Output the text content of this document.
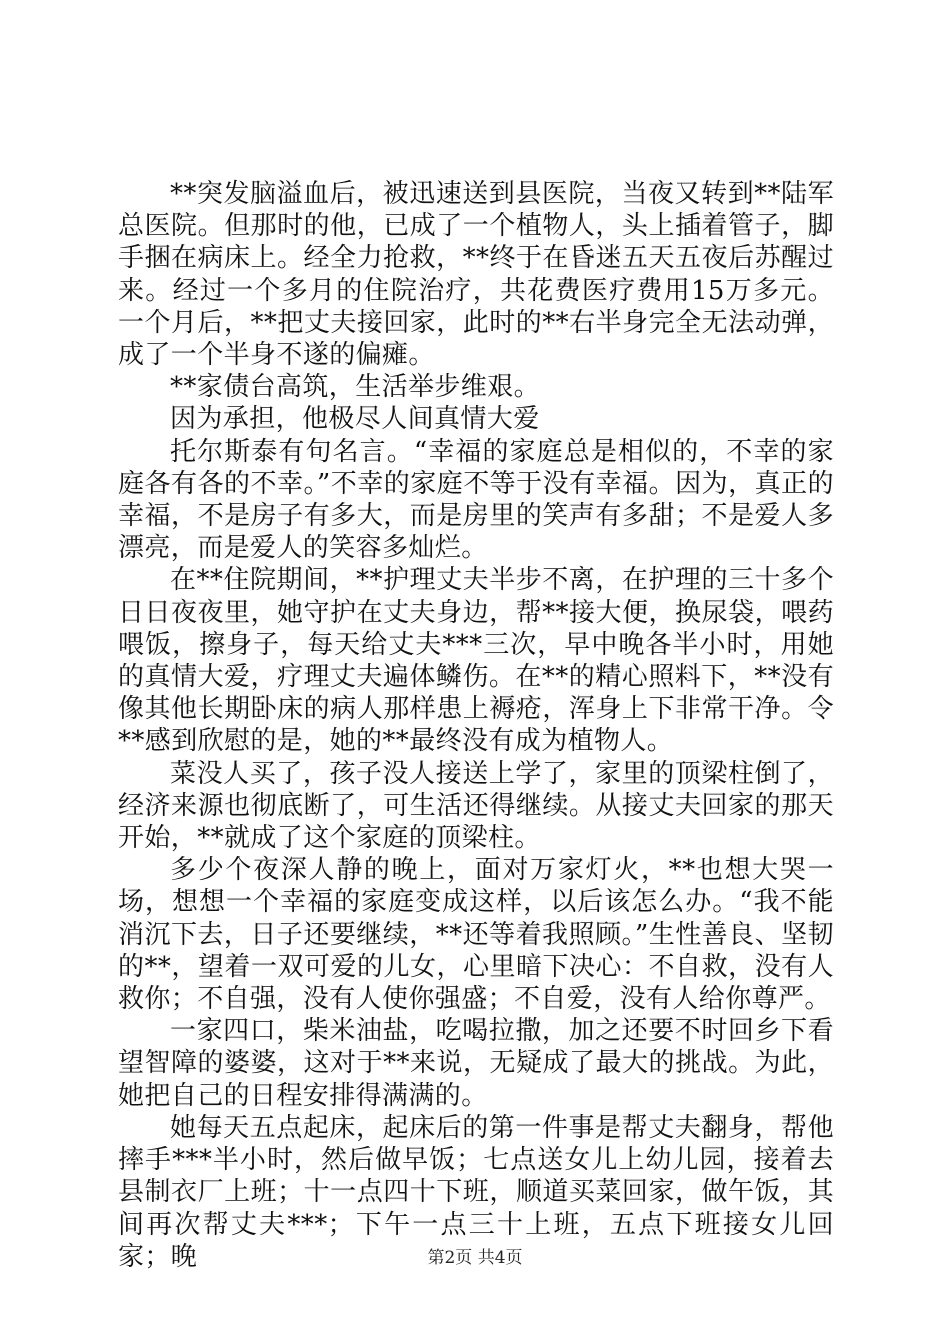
**突发脑溢血后，被迅速送到县医院，当夜又转到**陆军总医院。但那时的他，已成了一个植物人，头上插着管子，脚手捆在病床上。经全力抢救，**终于在昏迷五天五夜后苏醒过来。经过一个多月的住院治疗，共花费医疗费用15万多元。一个月后，**把丈夫接回家，此时的**右半身完全无法动弹，成了一个半身不遂的偏瘫。

**家债台高筑，生活举步维艰。

因为承担，他极尽人间真情大爱

托尔斯泰有句名言。“幸福的家庭总是相似的，不幸的家庭各有各的不幸。”不幸的家庭不等于没有幸福。因为，真正的幸福，不是房子有多大，而是房里的笑声有多甜；不是爱人多漂亮，而是爱人的笑容多灿烂。

在**住院期间，**护理丈夫半步不离，在护理的三十多个日日夜夜里，她守护在丈夫身边，帮**接大便，换尿袋，喂药喂饭，擦身子，每天给丈夫***三次，早中晚各半小时，用她的真情大爱，疗理丈夫遍体鳞伤。在**的精心照料下，**没有像其他长期卧床的病人那样患上褥疮，浑身上下非常干净。令**感到欣慰的是，她的**最终没有成为植物人。

菜没人买了，孩子没人接送上学了，家里的顶梁柱倒了，经济来源也彻底断了，可生活还得继续。从接丈夫回家的那天开始，**就成了这个家庭的顶梁柱。

多少个夜深人静的晚上，面对万家灯火，**也想大哭一场，想想一个幸福的家庭变成这样，以后该怎么办。“我不能消沉下去，日子还要继续，**还等着我照顾。”生性善良、坚韧的**，望着一双可爱的儿女，心里暗下决心：不自救，没有人救你；不自强，没有人使你强盛；不自爱，没有人给你尊严。

一家四口，柴米油盐，吃喝拉撒，加之还要不时回乡下看望智障的婆婆，这对于**来说，无疑成了最大的挑战。为此，她把自己的日程安排得满满的。

她每天五点起床，起床后的第一件事是帮丈夫翻身，帮他摔手***半小时，然后做早饭；七点送女儿上幼儿园，接着去县制衣厂上班；十一点四十下班，顺道买菜回家，做午饭，其间再次帮丈夫***；下午一点三十上班，五点下班接女儿回家；晚	第2页 共4页
